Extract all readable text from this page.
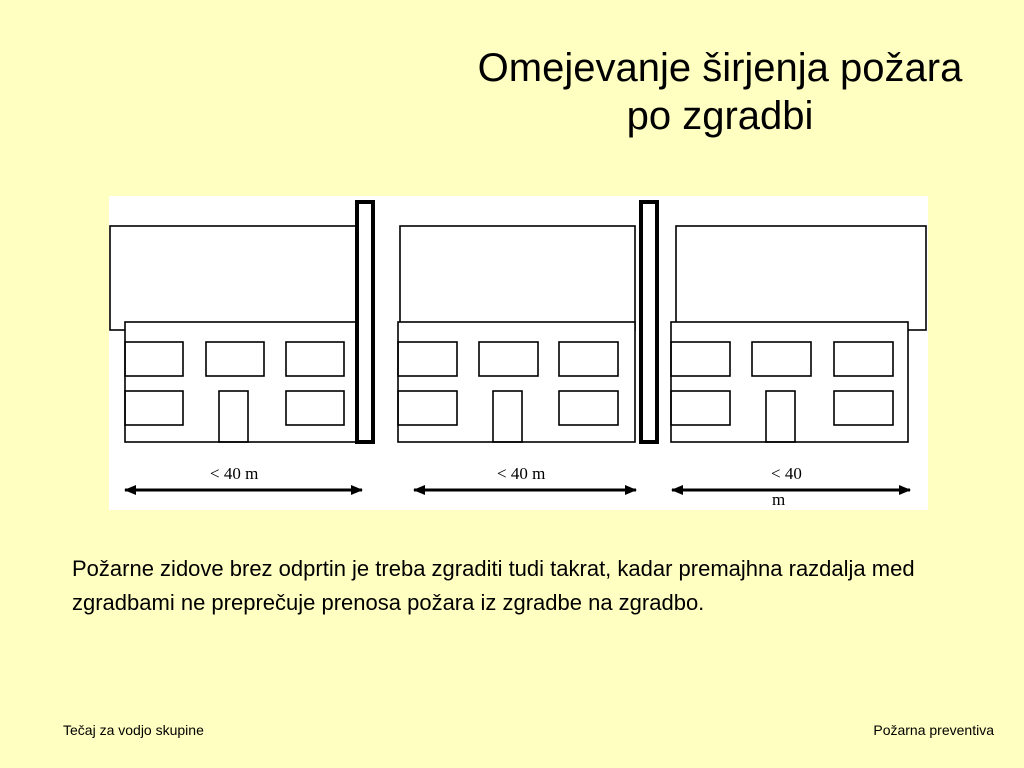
Omejevanje širjenja požara
po zgradbi
< 40 m	< 40 m	< 40
m
Požarne zidove brez odprtin je treba zgraditi tudi takrat, kadar premajhna razdalja med zgradbami ne preprečuje prenosa požara iz zgradbe na zgradbo.
Tečaj za vodjo skupine	Požarna preventiva
